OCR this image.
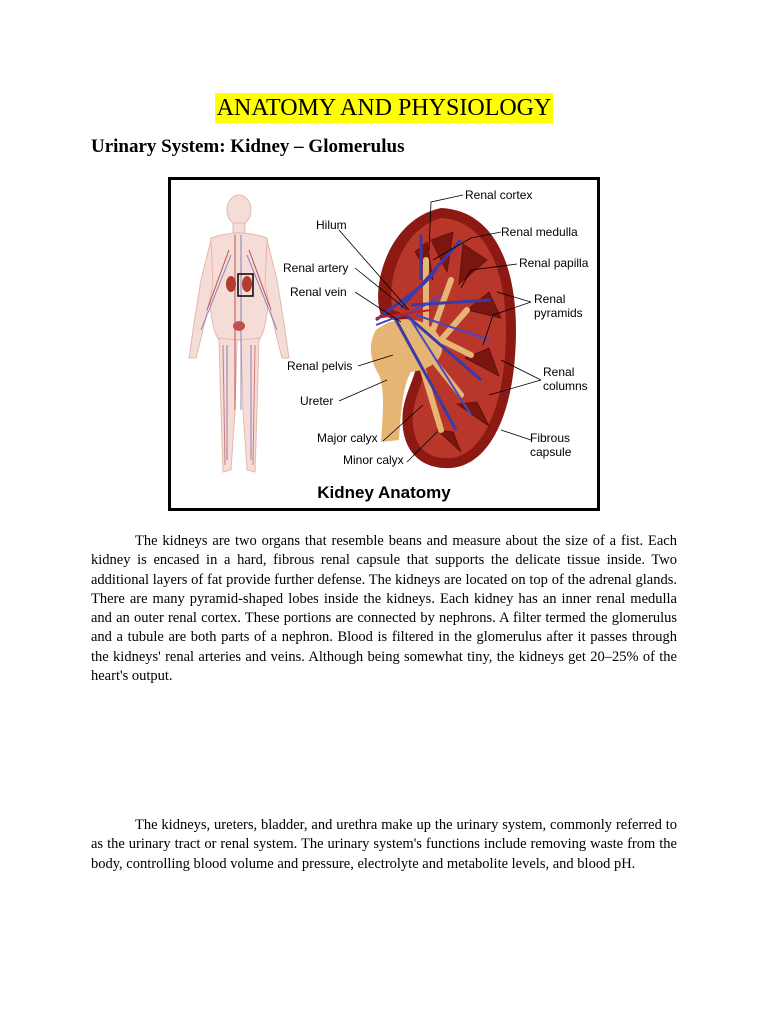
ANATOMY AND PHYSIOLOGY
Urinary System: Kidney – Glomerulus
Renal cortex
Hilum	Renal medulla
Renal artery	Renal papilla
Renal vein	Renal
pyramids
Renal pelvis	Renal
columns
Ureter
Major calyx	Fibrous
capsule
Minor calyx
Kidney Anatomy

The kidneys are two organs that resemble beans and measure about the size of a fist. Each kidney is encased in a hard, fibrous renal capsule that supports the delicate tissue inside. Two additional layers of fat provide further defense. The kidneys are located on top of the adrenal glands. There are many pyramid-shaped lobes inside the kidneys. Each kidney has an inner renal medulla and an outer renal cortex. These portions are connected by nephrons. A filter termed the glomerulus and a tubule are both parts of a nephron. Blood is filtered in the glomerulus after it passes through the kidneys' renal arteries and veins. Although being somewhat tiny, the kidneys get 20–25% of the heart's output.

The kidneys, ureters, bladder, and urethra make up the urinary system, commonly referred to as the urinary tract or renal system. The urinary system's functions include removing waste from the body, controlling blood volume and pressure, electrolyte and metabolite levels, and blood pH.
